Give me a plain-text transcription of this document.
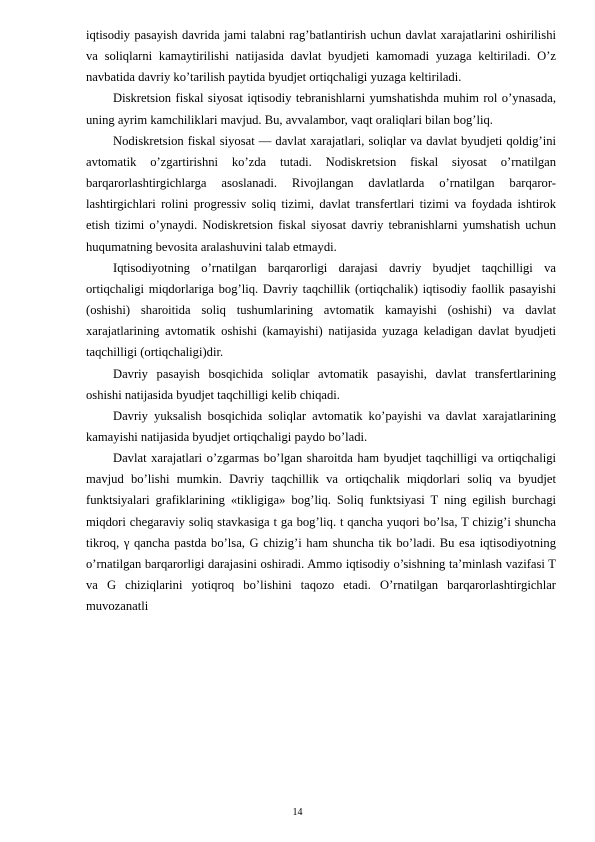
iqtisodiy pasayish davrida jami talabni rag’batlantirish uchun davlat xarajatlarini oshirilishi va soliqlarni kamaytirilishi natijasida davlat byudjeti kamomadi yuzaga keltiriladi. O’z navbatida davriy ko’tarilish paytida byudjet ortiqchaligi yuzaga keltiriladi.

Diskretsion fiskal siyosat iqtisodiy tebranishlarni yumshatishda muhim rol o’ynasada, uning ayrim kamchiliklari mavjud. Bu, avvalambor, vaqt oraliqlari bilan bog’liq.

Nodiskretsion fiskal siyosat — davlat xarajatlari, soliqlar va davlat byudjeti qoldig’ini avtomatik o’zgartirishni ko’zda tutadi. Nodiskretsion fiskal siyosat o’rnatilgan barqarorlashtirgichlarga asoslanadi. Rivojlangan davlatlarda o’rnatilgan barqaror-lashtirgichlari rolini progressiv soliq tizimi, davlat transfertlari tizimi va foydada ishtirok etish tizimi o’ynaydi. Nodiskretsion fiskal siyosat davriy tebranishlarni yumshatish uchun huqumatning bevosita aralashuvini talab etmaydi.

Iqtisodiyotning o’rnatilgan barqarorligi darajasi davriy byudjet taqchilligi va ortiqchaligi miqdorlariga bog’liq. Davriy taqchillik (ortiqchalik) iqtisodiy faollik pasayishi (oshishi) sharoitida soliq tushumlarining avtomatik kamayishi (oshishi) va davlat xarajatlarining avtomatik oshishi (kamayishi) natijasida yuzaga keladigan davlat byudjeti taqchilligi (ortiqchaligi)dir.

Davriy pasayish bosqichida soliqlar avtomatik pasayishi, davlat transfertlarining oshishi natijasida byudjet taqchilligi kelib chiqadi.

Davriy yuksalish bosqichida soliqlar avtomatik ko’payishi va davlat xarajatlarining kamayishi natijasida byudjet ortiqchaligi paydo bo’ladi.

Davlat xarajatlari o’zgarmas bo’lgan sharoitda ham byudjet taqchilligi va ortiqchaligi mavjud bo’lishi mumkin. Davriy taqchillik va ortiqchalik miqdorlari soliq va byudjet funktsiyalari grafiklarining «tikligiga» bog’liq. Soliq funktsiyasi T ning egilish burchagi miqdori chegaraviy soliq stavkasiga t ga bog’liq. t qancha yuqori bo’lsa, T chizig’i shuncha tikroq, γ qancha pastda bo’lsa, G chizig’i ham shuncha tik bo’ladi. Bu esa iqtisodiyotning o’rnatilgan barqarorligi darajasini oshiradi. Ammo iqtisodiy o’sishning ta’minlash vazifasi T va G chiziqlarini yotiqroq bo’lishini taqozo etadi. O’rnatilgan barqarorlashtirgichlar muvozanatli

14
